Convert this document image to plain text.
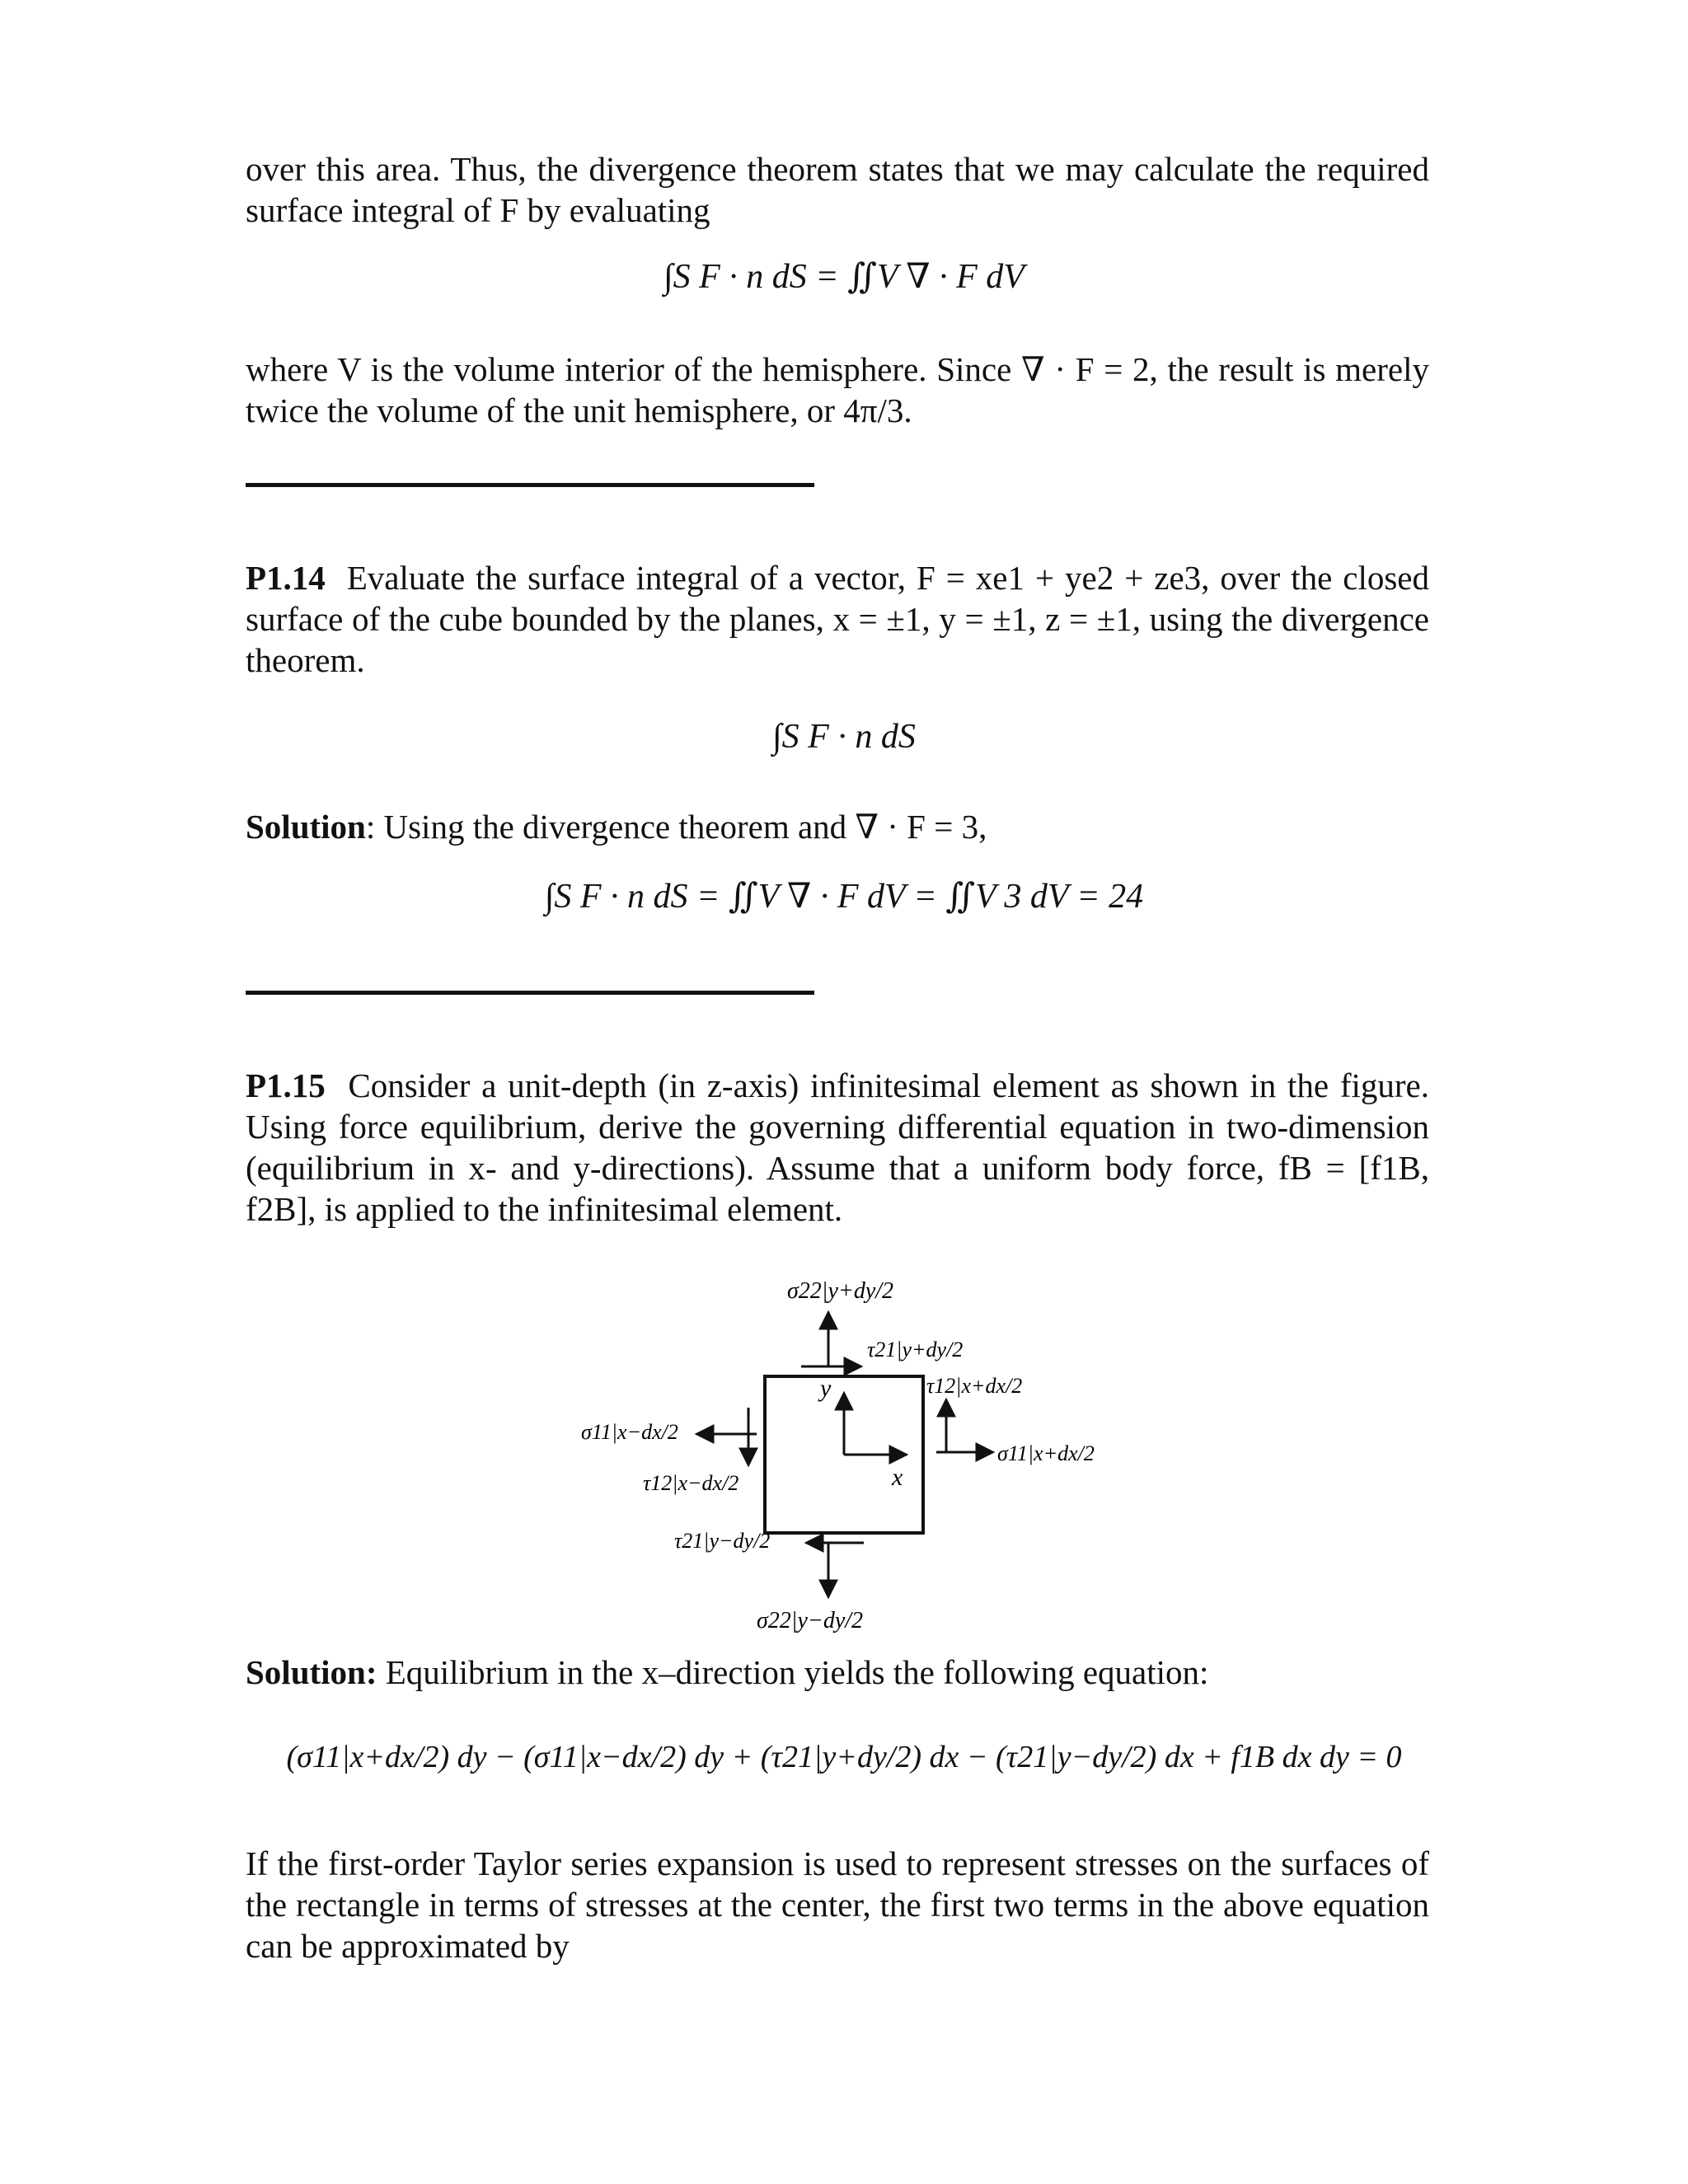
over this area. Thus, the divergence theorem states that we may calculate the required surface integral of F by evaluating

∫S F · n dS = ∬V ∇ · F dV

where V is the volume interior of the hemisphere. Since ∇ · F = 2, the result is merely twice the volume of the unit hemisphere, or 4π/3.

P1.14 Evaluate the surface integral of a vector, F = xe1 + ye2 + ze3, over the closed surface of the cube bounded by the planes, x = ±1, y = ±1, z = ±1, using the divergence theorem.

∫S F · n dS

Solution: Using the divergence theorem and ∇ · F = 3,

∫S F · n dS = ∬V ∇ · F dV = ∬V 3 dV = 24

P1.15 Consider a unit-depth (in z-axis) infinitesimal element as shown in the figure. Using force equilibrium, derive the governing differential equation in two-dimension (equilibrium in x- and y-directions). Assume that a uniform body force, fB = [f1B, f2B], is applied to the infinitesimal element.

y
x
σ22|y+dy/2
τ21|y+dy/2
τ12|x+dx/2
σ11|x+dx/2
σ11|x−dx/2
τ12|x−dx/2
τ21|y−dy/2
σ22|y−dy/2

Solution: Equilibrium in the x–direction yields the following equation:

(σ11|x+dx/2) dy − (σ11|x−dx/2) dy + (τ21|y+dy/2) dx − (τ21|y−dy/2) dx + f1B dx dy = 0

If the first-order Taylor series expansion is used to represent stresses on the surfaces of the rectangle in terms of stresses at the center, the first two terms in the above equation can be approximated by
